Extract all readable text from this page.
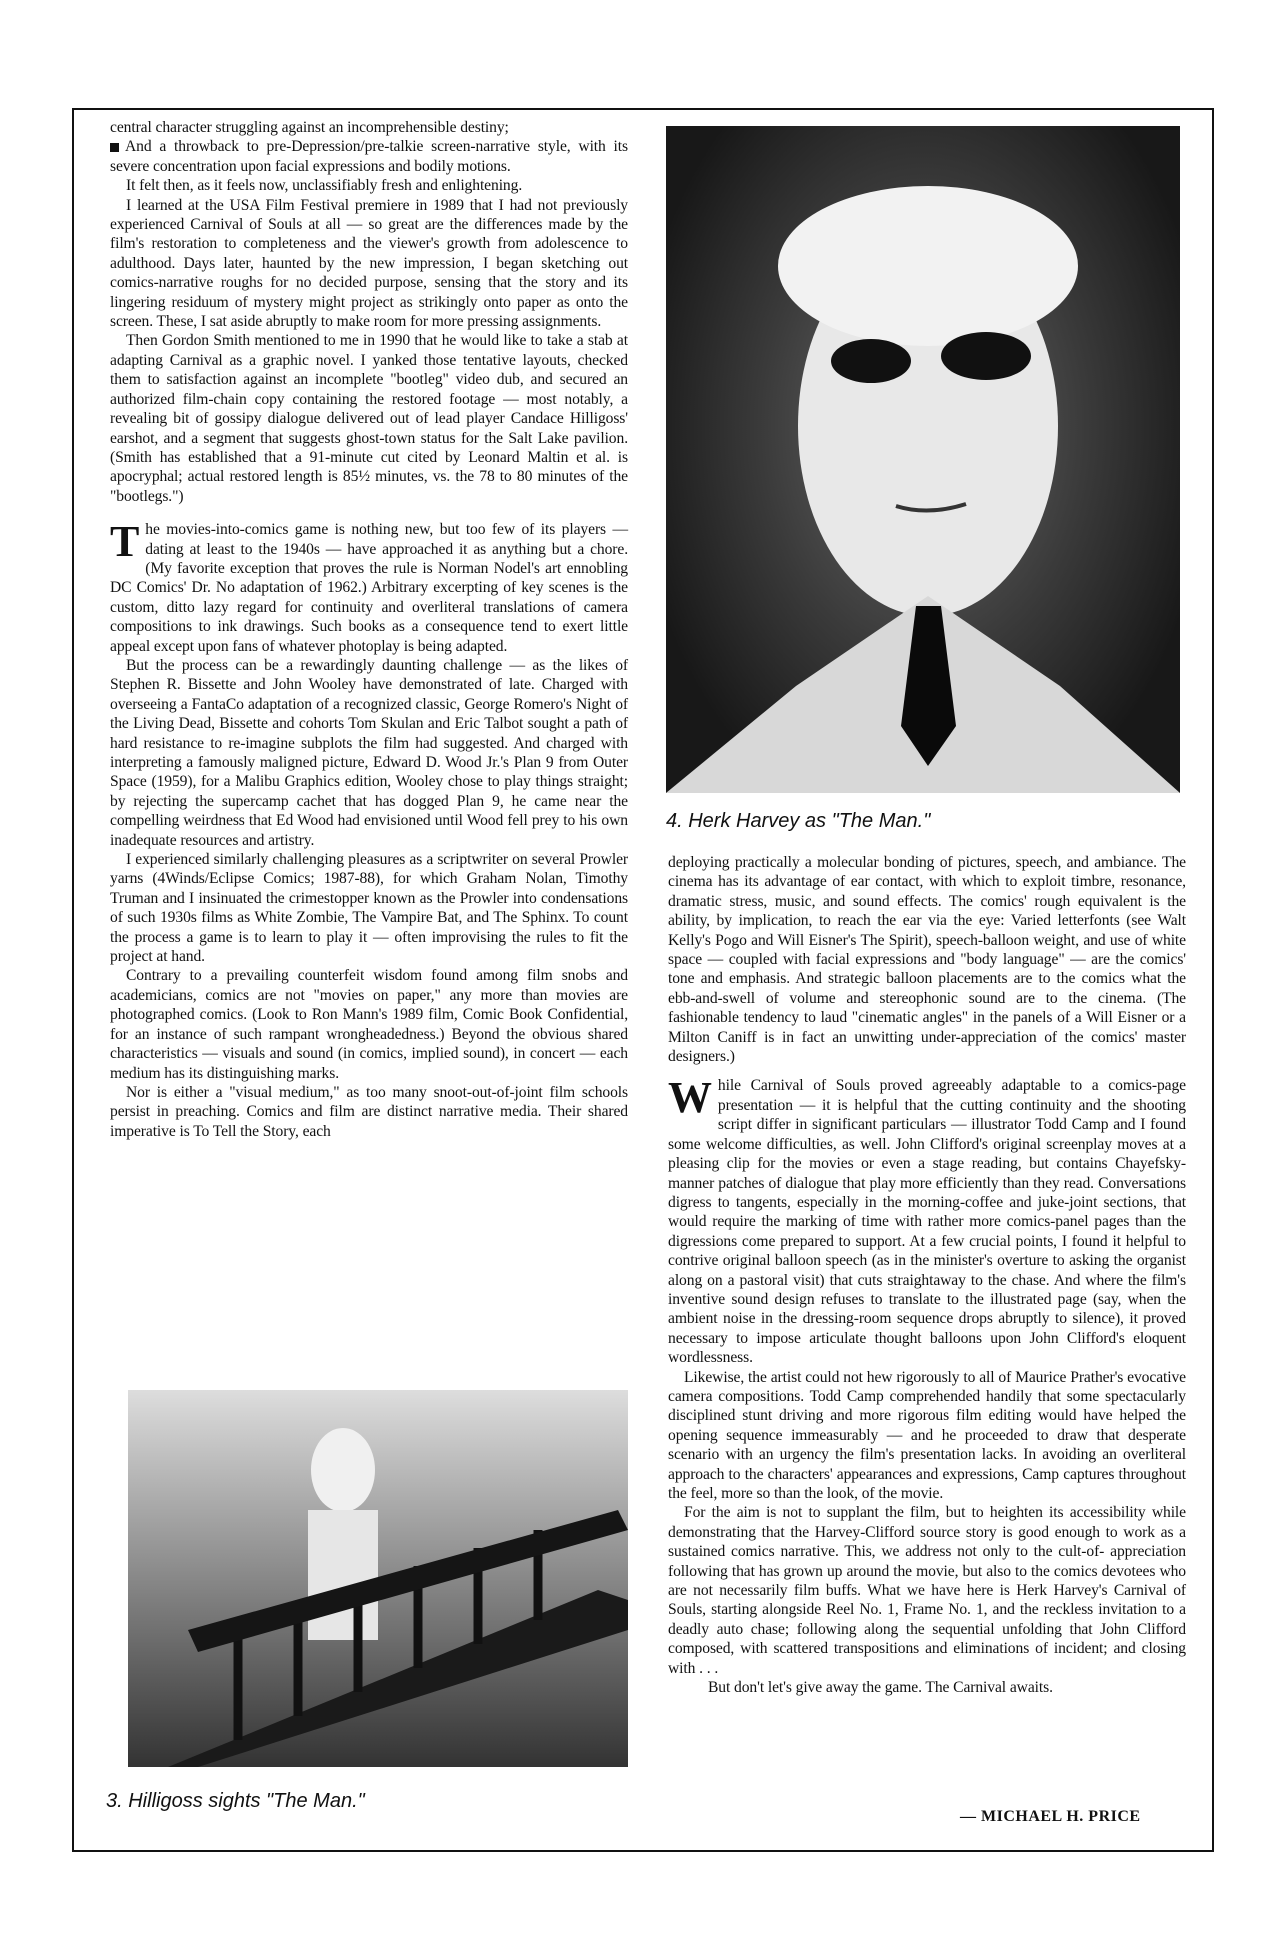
central character struggling against an incomprehensible destiny;

And a throwback to pre-Depression/pre-talkie screen-narrative style, with its severe concentration upon facial expressions and bodily motions.

It felt then, as it feels now, unclassifiably fresh and enlightening.

I learned at the USA Film Festival premiere in 1989 that I had not previously experienced Carnival of Souls at all — so great are the differences made by the film's restoration to completeness and the viewer's growth from adolescence to adulthood. Days later, haunted by the new impression, I began sketching out comics-narrative roughs for no decided purpose, sensing that the story and its lingering residuum of mystery might project as strikingly onto paper as onto the screen. These, I sat aside abruptly to make room for more pressing assignments.

Then Gordon Smith mentioned to me in 1990 that he would like to take a stab at adapting Carnival as a graphic novel. I yanked those tentative layouts, checked them to satisfaction against an incomplete "bootleg" video dub, and secured an authorized film-chain copy containing the restored footage — most notably, a revealing bit of gossipy dialogue delivered out of lead player Candace Hilligoss' earshot, and a segment that suggests ghost-town status for the Salt Lake pavilion. (Smith has established that a 91-minute cut cited by Leonard Maltin et al. is apocryphal; actual restored length is 85½ minutes, vs. the 78 to 80 minutes of the "bootlegs.")

The movies-into-comics game is nothing new, but too few of its players — dating at least to the 1940s — have approached it as anything but a chore. (My favorite exception that proves the rule is Norman Nodel's art ennobling DC Comics' Dr. No adaptation of 1962.) Arbitrary excerpting of key scenes is the custom, ditto lazy regard for continuity and overliteral translations of camera compositions to ink drawings. Such books as a consequence tend to exert little appeal except upon fans of whatever photoplay is being adapted.

But the process can be a rewardingly daunting challenge — as the likes of Stephen R. Bissette and John Wooley have demonstrated of late. Charged with overseeing a FantaCo adaptation of a recognized classic, George Romero's Night of the Living Dead, Bissette and cohorts Tom Skulan and Eric Talbot sought a path of hard resistance to re-imagine subplots the film had suggested. And charged with interpreting a famously maligned picture, Edward D. Wood Jr.'s Plan 9 from Outer Space (1959), for a Malibu Graphics edition, Wooley chose to play things straight; by rejecting the supercamp cachet that has dogged Plan 9, he came near the compelling weirdness that Ed Wood had envisioned until Wood fell prey to his own inadequate resources and artistry.

I experienced similarly challenging pleasures as a scriptwriter on several Prowler yarns (4Winds/Eclipse Comics; 1987-88), for which Graham Nolan, Timothy Truman and I insinuated the crimestopper known as the Prowler into condensations of such 1930s films as White Zombie, The Vampire Bat, and The Sphinx. To count the process a game is to learn to play it — often improvising the rules to fit the project at hand.

Contrary to a prevailing counterfeit wisdom found among film snobs and academicians, comics are not "movies on paper," any more than movies are photographed comics. (Look to Ron Mann's 1989 film, Comic Book Confidential, for an instance of such rampant wrongheadedness.) Beyond the obvious shared characteristics — visuals and sound (in comics, implied sound), in concert — each medium has its distinguishing marks.

Nor is either a "visual medium," as too many snoot-out-of-joint film schools persist in preaching. Comics and film are distinct narrative media. Their shared imperative is To Tell the Story, each

4. Herk Harvey as "The Man."
3. Hilligoss sights "The Man."

deploying practically a molecular bonding of pictures, speech, and ambiance. The cinema has its advantage of ear contact, with which to exploit timbre, resonance, dramatic stress, music, and sound effects. The comics' rough equivalent is the ability, by implication, to reach the ear via the eye: Varied letterfonts (see Walt Kelly's Pogo and Will Eisner's The Spirit), speech-balloon weight, and use of white space — coupled with facial expressions and "body language" — are the comics' tone and emphasis. And strategic balloon placements are to the comics what the ebb-and-swell of volume and stereophonic sound are to the cinema. (The fashionable tendency to laud "cinematic angles" in the panels of a Will Eisner or a Milton Caniff is in fact an unwitting under-appreciation of the comics' master designers.)

While Carnival of Souls proved agreeably adaptable to a comics-page presentation — it is helpful that the cutting continuity and the shooting script differ in significant particulars — illustrator Todd Camp and I found some welcome difficulties, as well. John Clifford's original screenplay moves at a pleasing clip for the movies or even a stage reading, but contains Chayefsky-manner patches of dialogue that play more efficiently than they read. Conversations digress to tangents, especially in the morning-coffee and juke-joint sections, that would require the marking of time with rather more comics-panel pages than the digressions come prepared to support. At a few crucial points, I found it helpful to contrive original balloon speech (as in the minister's overture to asking the organist along on a pastoral visit) that cuts straightaway to the chase. And where the film's inventive sound design refuses to translate to the illustrated page (say, when the ambient noise in the dressing-room sequence drops abruptly to silence), it proved necessary to impose articulate thought balloons upon John Clifford's eloquent wordlessness.

Likewise, the artist could not hew rigorously to all of Maurice Prather's evocative camera compositions. Todd Camp comprehended handily that some spectacularly disciplined stunt driving and more rigorous film editing would have helped the opening sequence immeasurably — and he proceeded to draw that desperate scenario with an urgency the film's presentation lacks. In avoiding an overliteral approach to the characters' appearances and expressions, Camp captures throughout the feel, more so than the look, of the movie.

For the aim is not to supplant the film, but to heighten its accessibility while demonstrating that the Harvey-Clifford source story is good enough to work as a sustained comics narrative. This, we address not only to the cult-of- appreciation following that has grown up around the movie, but also to the comics devotees who are not necessarily film buffs. What we have here is Herk Harvey's Carnival of Souls, starting alongside Reel No. 1, Frame No. 1, and the reckless invitation to a deadly auto chase; following along the sequential unfolding that John Clifford composed, with scattered transpositions and eliminations of incident; and closing with . . .

But don't let's give away the game. The Carnival awaits.

— MICHAEL H. PRICE
